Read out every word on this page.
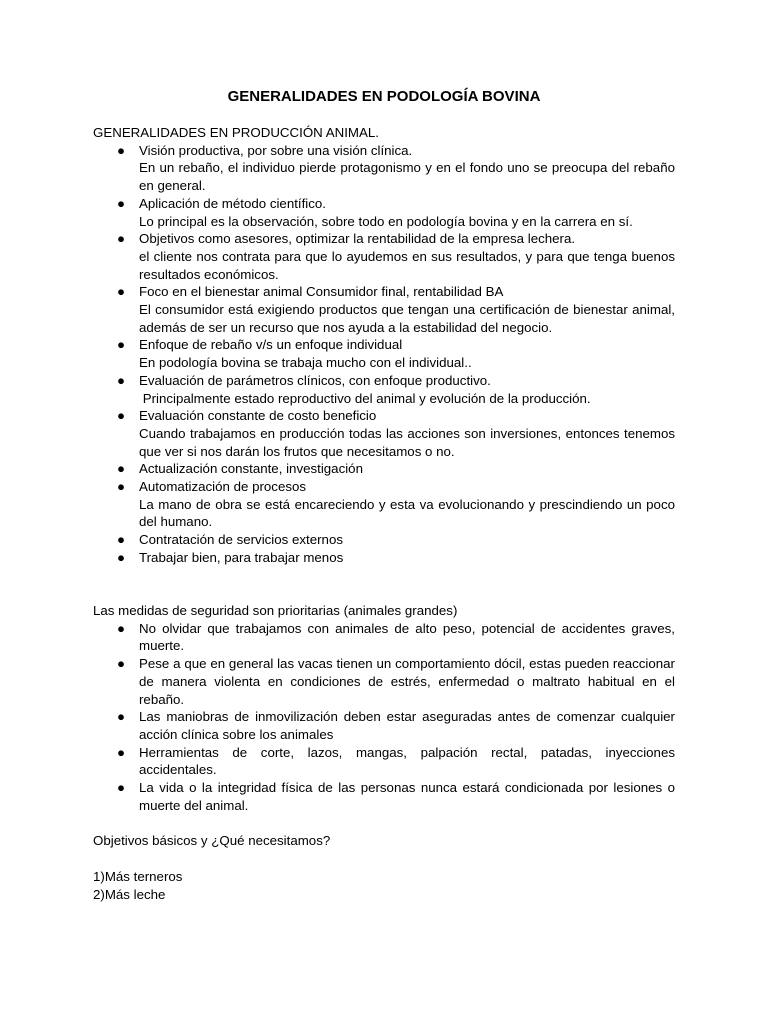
GENERALIDADES EN PODOLOGÍA BOVINA

GENERALIDADES EN PRODUCCIÓN ANIMAL.

● Visión productiva, por sobre una visión clínica.
En un rebaño, el individuo pierde protagonismo y en el fondo uno se preocupa del rebaño en general.
● Aplicación de método científico.
Lo principal es la observación, sobre todo en podología bovina y en la carrera en sí.
● Objetivos como asesores, optimizar la rentabilidad de la empresa lechera.
el cliente nos contrata para que lo ayudemos en sus resultados, y para que tenga buenos resultados económicos.
● Foco en el bienestar animal Consumidor final, rentabilidad BA
El consumidor está exigiendo productos que tengan una certificación de bienestar animal, además de ser un recurso que nos ayuda a la estabilidad del negocio.
● Enfoque de rebaño v/s un enfoque individual
En podología bovina se trabaja mucho con el individual..
● Evaluación de parámetros clínicos, con enfoque productivo.
Principalmente estado reproductivo del animal y evolución de la producción.
● Evaluación constante de costo beneficio
Cuando trabajamos en producción todas las acciones son inversiones, entonces tenemos que ver si nos darán los frutos que necesitamos o no.
● Actualización constante, investigación
● Automatización de procesos
La mano de obra se está encareciendo y esta va evolucionando y prescindiendo un poco del humano.
● Contratación de servicios externos
● Trabajar bien, para trabajar menos

Las medidas de seguridad son prioritarias (animales grandes)

● No olvidar que trabajamos con animales de alto peso, potencial de accidentes graves, muerte.
● Pese a que en general las vacas tienen un comportamiento dócil, estas pueden reaccionar de manera violenta en condiciones de estrés, enfermedad o maltrato habitual en el rebaño.
● Las maniobras de inmovilización deben estar aseguradas antes de comenzar cualquier acción clínica sobre los animales
● Herramientas de corte, lazos, mangas, palpación rectal, patadas, inyecciones accidentales.
● La vida o la integridad física de las personas nunca estará condicionada por lesiones o muerte del animal.

Objetivos básicos y ¿Qué necesitamos?

1)Más terneros

2)Más leche
